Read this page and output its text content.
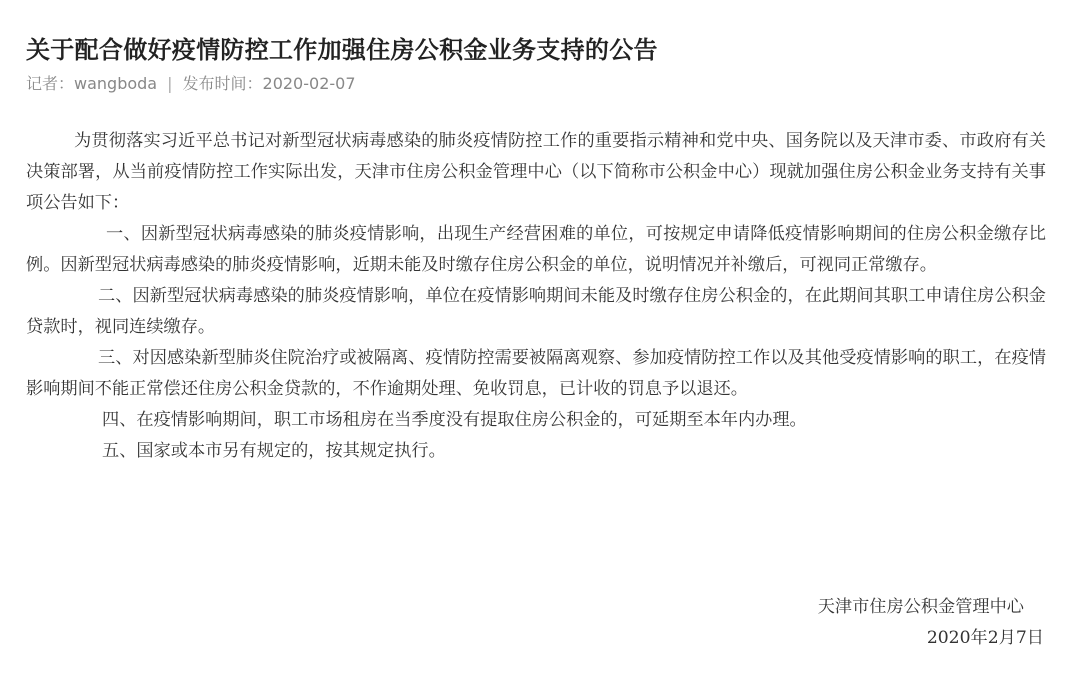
关于配合做好疫情防控工作加强住房公积金业务支持的公告
记者：wangboda | 发布时间：2020-02-07

为贯彻落实习近平总书记对新型冠状病毒感染的肺炎疫情防控工作的重要指示精神和党中央、国务院以及天津市委、市政府有关决策部署，从当前疫情防控工作实际出发，天津市住房公积金管理中心（以下简称市公积金中心）现就加强住房公积金业务支持有关事项公告如下：

一、因新型冠状病毒感染的肺炎疫情影响，出现生产经营困难的单位，可按规定申请降低疫情影响期间的住房公积金缴存比例。因新型冠状病毒感染的肺炎疫情影响，近期未能及时缴存住房公积金的单位，说明情况并补缴后，可视同正常缴存。

二、因新型冠状病毒感染的肺炎疫情影响，单位在疫情影响期间未能及时缴存住房公积金的，在此期间其职工申请住房公积金贷款时，视同连续缴存。

三、对因感染新型肺炎住院治疗或被隔离、疫情防控需要被隔离观察、参加疫情防控工作以及其他受疫情影响的职工，在疫情影响期间不能正常偿还住房公积金贷款的，不作逾期处理、免收罚息，已计收的罚息予以退还。

四、在疫情影响期间，职工市场租房在当季度没有提取住房公积金的，可延期至本年内办理。

五、国家或本市另有规定的，按其规定执行。

天津市住房公积金管理中心
2020年2月7日
